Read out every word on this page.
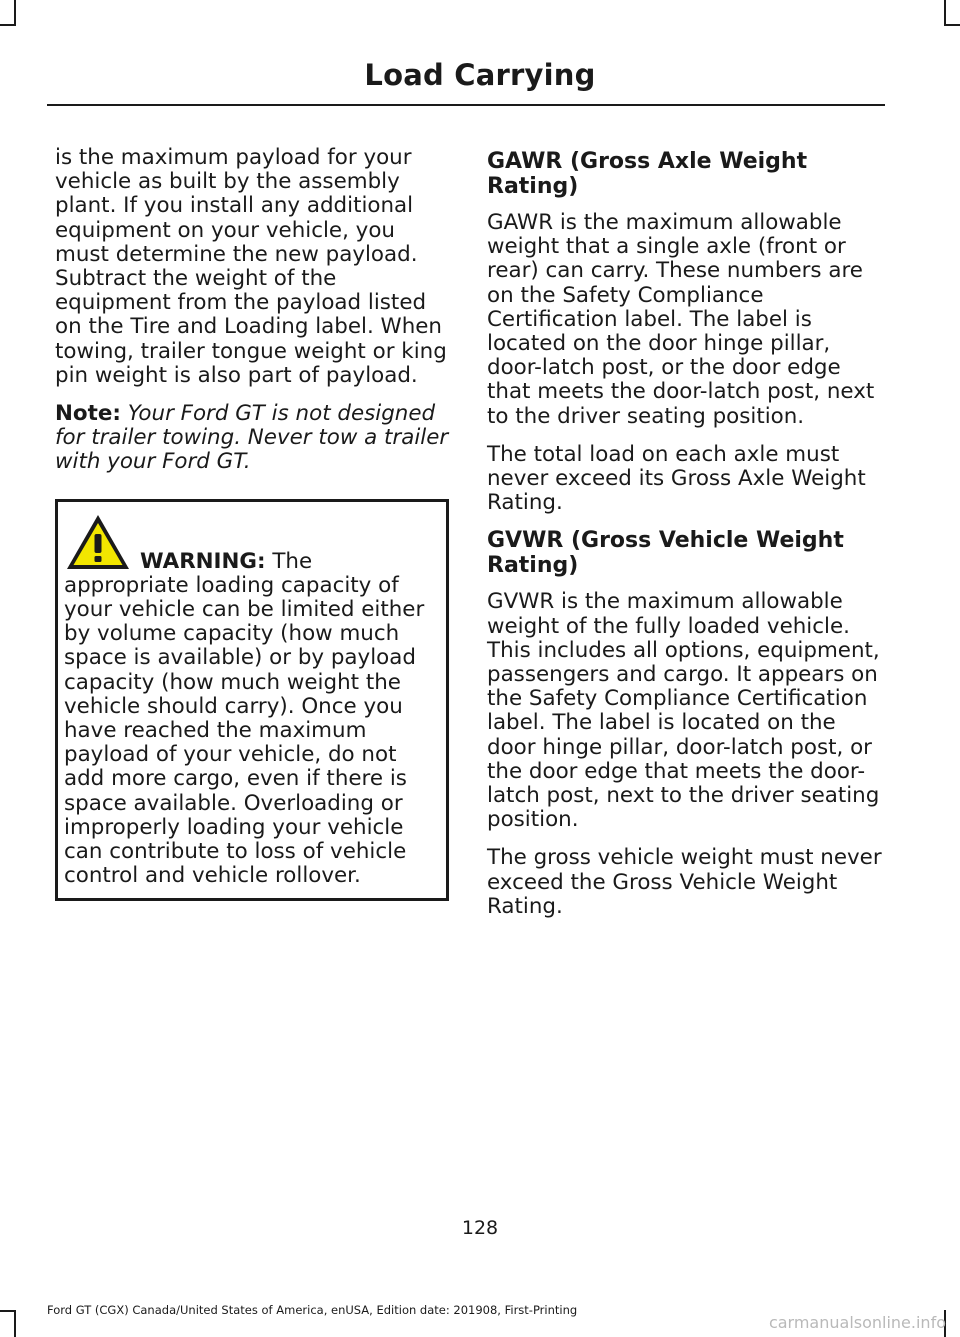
Load Carrying

is the maximum payload for your vehicle as built by the assembly plant. If you install any additional equipment on your vehicle, you must determine the new payload. Subtract the weight of the equipment from the payload listed on the Tire and Loading label. When towing, trailer tongue weight or king pin weight is also part of payload.

Note: Your Ford GT is not designed for trailer towing. Never tow a trailer with your Ford GT.

WARNING: The appropriate loading capacity of your vehicle can be limited either by volume capacity (how much space is available) or by payload capacity (how much weight the vehicle should carry). Once you have reached the maximum payload of your vehicle, do not add more cargo, even if there is space available. Overloading or improperly loading your vehicle can contribute to loss of vehicle control and vehicle rollover.
GAWR (Gross Axle Weight Rating)

GAWR is the maximum allowable weight that a single axle (front or rear) can carry. These numbers are on the Safety Compliance Certification label. The label is located on the door hinge pillar, door-latch post, or the door edge that meets the door-latch post, next to the driver seating position.

The total load on each axle must never exceed its Gross Axle Weight Rating.

GVWR (Gross Vehicle Weight Rating)

GVWR is the maximum allowable weight of the fully loaded vehicle. This includes all options, equipment, passengers and cargo. It appears on the Safety Compliance Certification label. The label is located on the door hinge pillar, door-latch post, or the door edge that meets the door-latch post, next to the driver seating position.

The gross vehicle weight must never exceed the Gross Vehicle Weight Rating.

128
Ford GT (CGX) Canada/United States of America, enUSA, Edition date: 201908, First-Printing
carmanualsonline.info
